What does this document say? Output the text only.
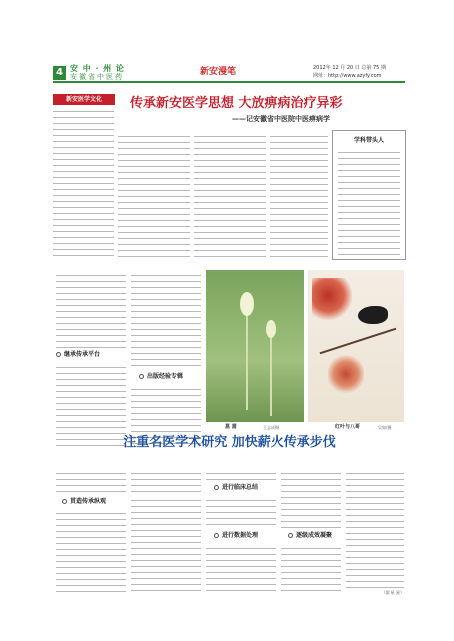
4 安 中 · 州 论
安徽省中医药	新安漫笔	2012年 12 月 20 日 总第 75 期
网址：http://www.azyfy.com
新安医学文化	传承新安医学思想 大放痹病治疗异彩
——记安徽省中医院中医痹病学
学科带头人
继承传承平台
出版经验专辑
菖 蒲	王志成摄	红叶与八哥	吴如/摄
注重名医学术研究 加快薪火传承步伐
贯造传承纵观
进行临床总结
进行数据处理	逐级成效凝聚
（梁 星 星）
